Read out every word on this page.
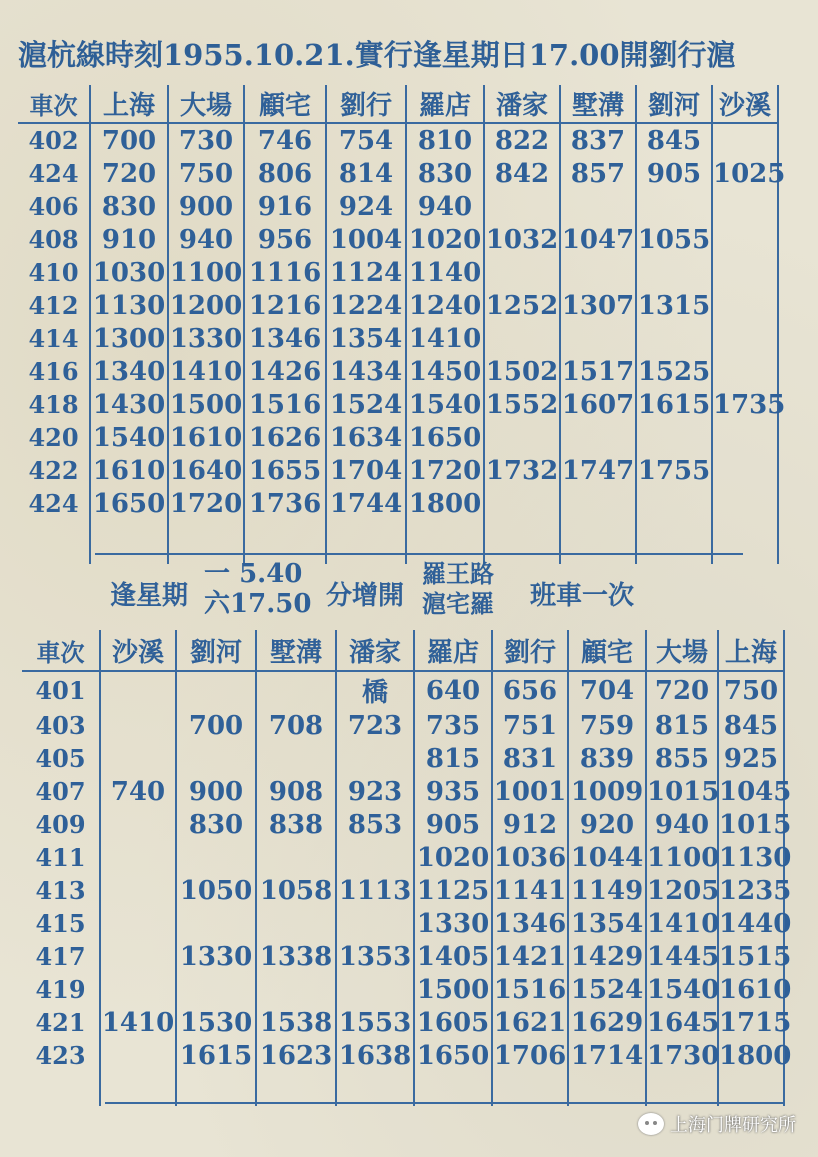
滬杭線時刻1955.10.21.實行逢星期日17.00開劉行滬
車次	上海	大場	顧宅	劉行	羅店	潘家	墅溝	劉河	沙溪
402	700	730	746	754	810	822	837	845	
424	720	750	806	814	830	842	857	905	1025
406	830	900	916	924	940				
408	910	940	956	1004	1020	1032	1047	1055	
410	1030	1100	1116	1124	1140				
412	1130	1200	1216	1224	1240	1252	1307	1315	
414	1300	1330	1346	1354	1410				
416	1340	1410	1426	1434	1450	1502	1517	1525	
418	1430	1500	1516	1524	1540	1552	1607	1615	1735
420	1540	1610	1626	1634	1650				
422	1610	1640	1655	1704	1720	1732	1747	1755	
424	1650	1720	1736	1744	1800				

逢星期
一 5.40
六17.50 分增開
羅王路
滬宅羅 班車一次
車次	沙溪	劉河	墅溝	潘家	羅店	劉行	顧宅	大場	上海
401				橋	640	656	704	720	750
403		700	708	723	735	751	759	815	845
405					815	831	839	855	925
407	740	900	908	923	935	1001	1009	1015	1045
409		830	838	853	905	912	920	940	1015
411					1020	1036	1044	1100	1130
413		1050	1058	1113	1125	1141	1149	1205	1235
415					1330	1346	1354	1410	1440
417		1330	1338	1353	1405	1421	1429	1445	1515
419					1500	1516	1524	1540	1610
421	1410	1530	1538	1553	1605	1621	1629	1645	1715
423		1615	1623	1638	1650	1706	1714	1730	1800

上海门牌研究所
